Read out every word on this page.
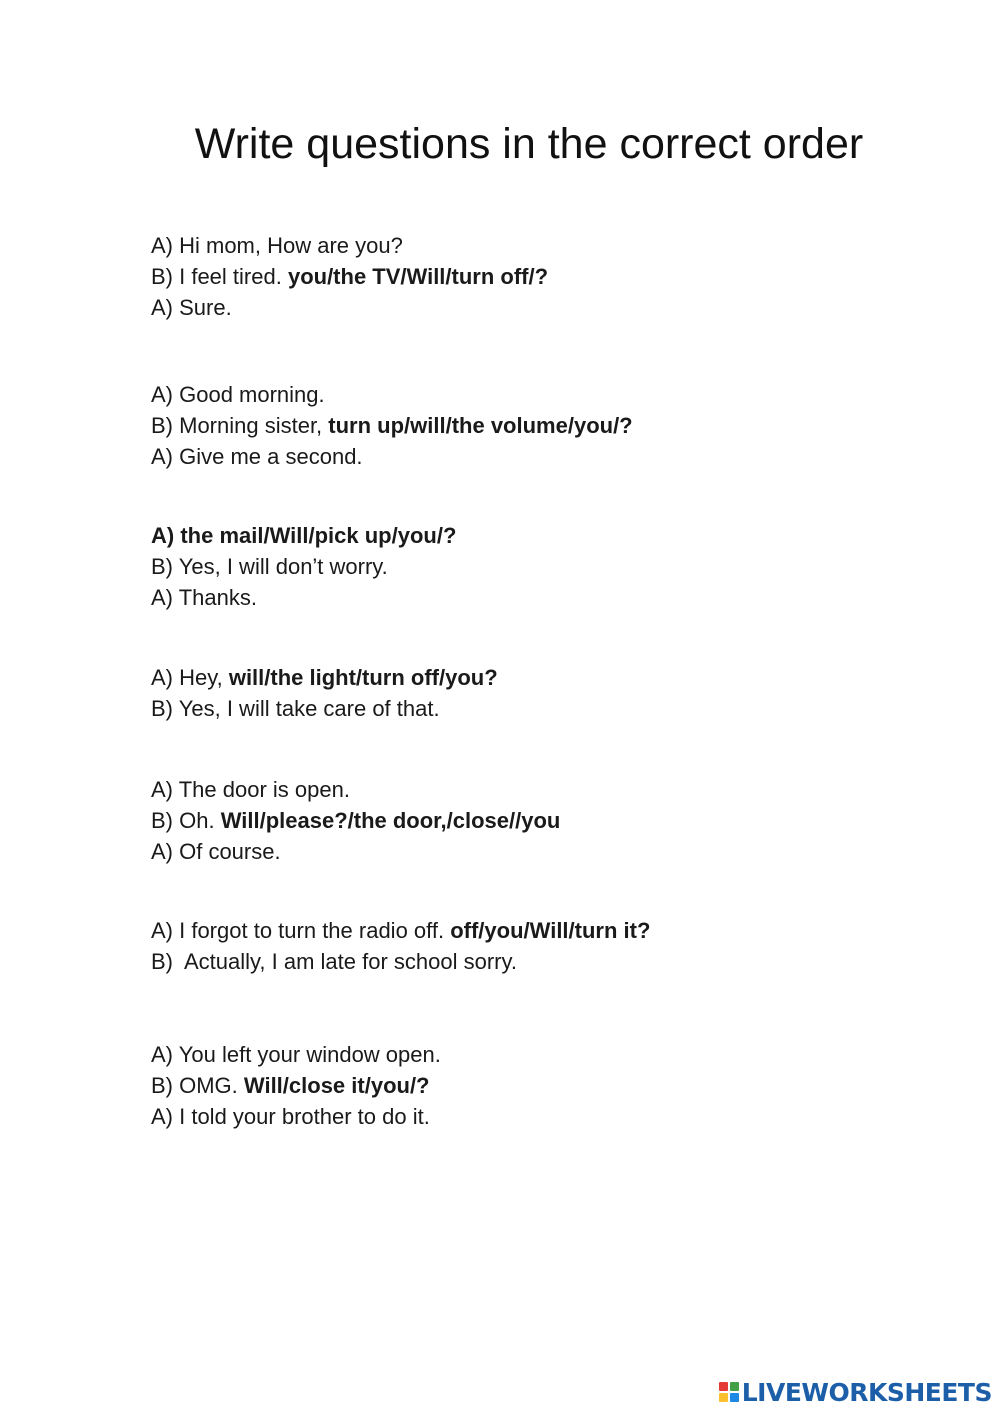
Write questions in the correct order
A) Hi mom, How are you?
B) I feel tired. you/the TV/Will/turn off/?
A) Sure.
A) Good morning.
B) Morning sister, turn up/will/the volume/you/?
A) Give me a second.
A) the mail/Will/pick up/you/?
B) Yes, I will don’t worry.
A) Thanks.
A) Hey, will/the light/turn off/you?
B) Yes, I will take care of that.
A) The door is open.
B) Oh. Will/please?/the door,/close//you
A) Of course.
A) I forgot to turn the radio off. off/you/Will/turn it?
B)  Actually, I am late for school sorry.
A) You left your window open.
B) OMG. Will/close it/you/?
A) I told your brother to do it.
LIVEWORKSHEETS
